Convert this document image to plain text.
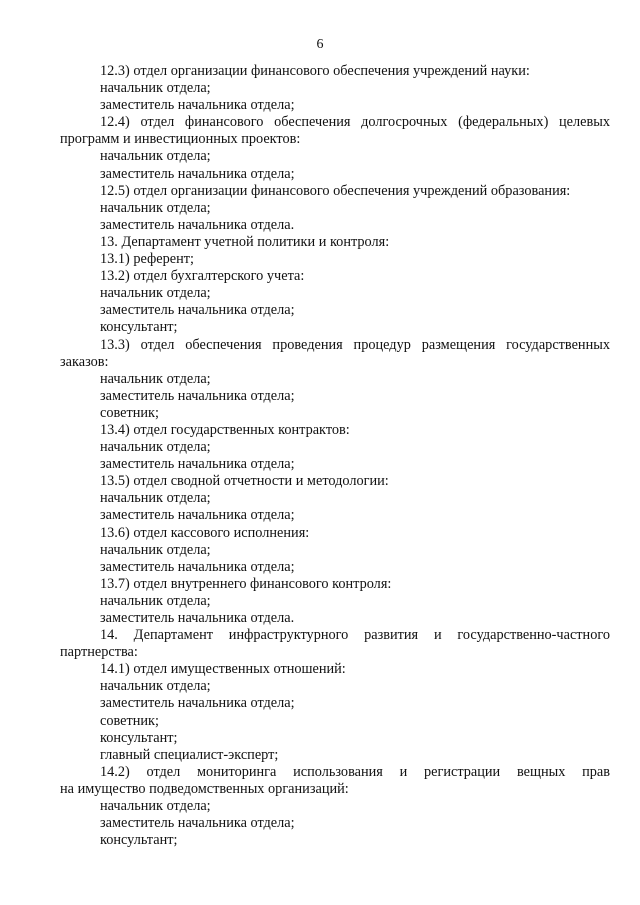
6

12.3) отдел организации финансового обеспечения учреждений науки:

начальник отдела;

заместитель начальника отдела;

12.4) отдел финансового обеспечения долгосрочных (федеральных) целевых

программ и инвестиционных проектов:

начальник отдела;

заместитель начальника отдела;

12.5) отдел организации финансового обеспечения учреждений образования:

начальник отдела;

заместитель начальника отдела.

13. Департамент учетной политики и контроля:

13.1) референт;

13.2) отдел бухгалтерского учета:

начальник отдела;

заместитель начальника отдела;

консультант;

13.3) отдел обеспечения проведения процедур размещения государственных

заказов:

начальник отдела;

заместитель начальника отдела;

советник;

13.4) отдел государственных контрактов:

начальник отдела;

заместитель начальника отдела;

13.5) отдел сводной отчетности и методологии:

начальник отдела;

заместитель начальника отдела;

13.6) отдел кассового исполнения:

начальник отдела;

заместитель начальника отдела;

13.7) отдел внутреннего финансового контроля:

начальник отдела;

заместитель начальника отдела.

14. Департамент инфраструктурного развития и государственно-частного

партнерства:

14.1) отдел имущественных отношений:

начальник отдела;

заместитель начальника отдела;

советник;

консультант;

главный специалист-эксперт;

14.2) отдел мониторинга использования и регистрации вещных прав

на имущество подведомственных организаций:

начальник отдела;

заместитель начальника отдела;

консультант;
